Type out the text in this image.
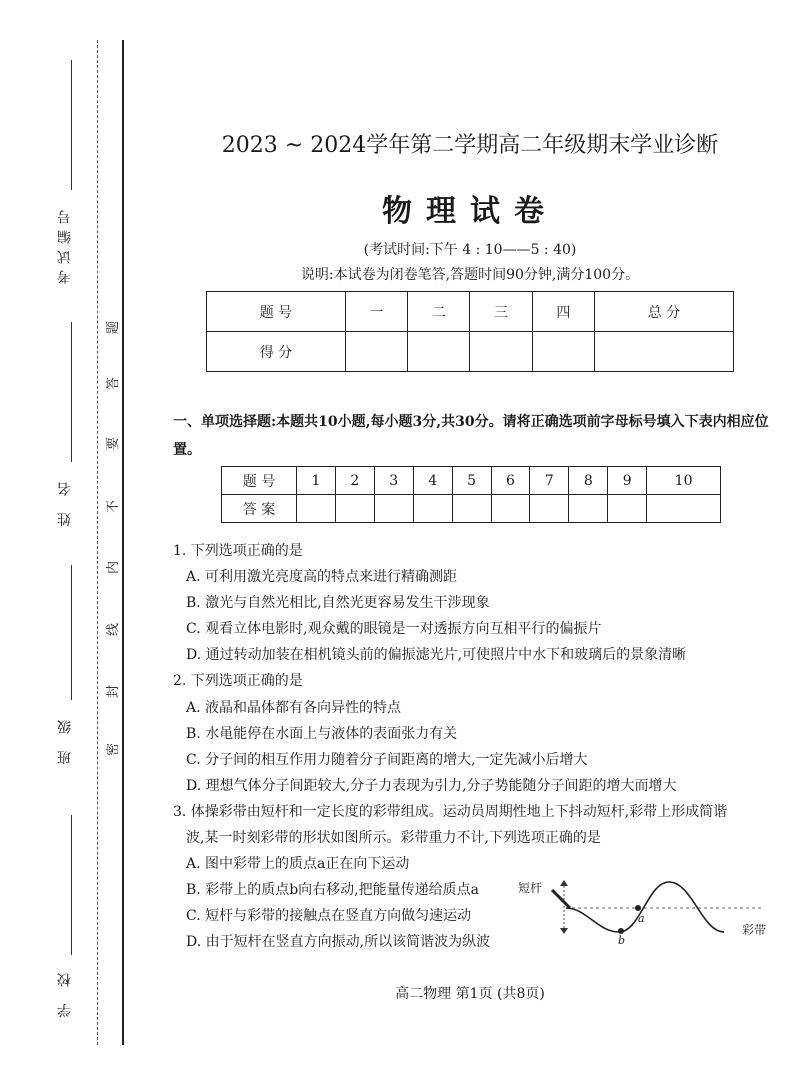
考试编号
姓 名
班 级
学 校
题
答
要
不
内
线
封
密
2023 ~ 2024学年第二学期高二年级期末学业诊断
物理试卷
(考试时间:下午 4 : 10——5 : 40)
说明:本试卷为闭卷笔答,答题时间90分钟,满分100分。
题 号	一	二	三	四	总 分
得 分					
一、单项选择题:本题共10小题,每小题3分,共30分。请将正确选项前字母标号填入下表内相应位置。
题 号	1	2	3	4	5	6	7	8	9	10
答 案										
1. 下列选项正确的是
A. 可利用激光亮度高的特点来进行精确测距
B. 激光与自然光相比,自然光更容易发生干涉现象
C. 观看立体电影时,观众戴的眼镜是一对透振方向互相平行的偏振片
D. 通过转动加装在相机镜头前的偏振滤光片,可使照片中水下和玻璃后的景象清晰
2. 下列选项正确的是
A. 液晶和晶体都有各向异性的特点
B. 水黾能停在水面上与液体的表面张力有关
C. 分子间的相互作用力随着分子间距离的增大,一定先减小后增大
D. 理想气体分子间距较大,分子力表现为引力,分子势能随分子间距的增大而增大
3. 体操彩带由短杆和一定长度的彩带组成。运动员周期性地上下抖动短杆,彩带上形成简谐
波,某一时刻彩带的形状如图所示。彩带重力不计,下列选项正确的是
A. 图中彩带上的质点a正在向下运动
B. 彩带上的质点b向右移动,把能量传递给质点a
C. 短杆与彩带的接触点在竖直方向做匀速运动
D. 由于短杆在竖直方向振动,所以该简谐波为纵波
短杆
b
a
彩带
高二物理 第1页 (共8页)
